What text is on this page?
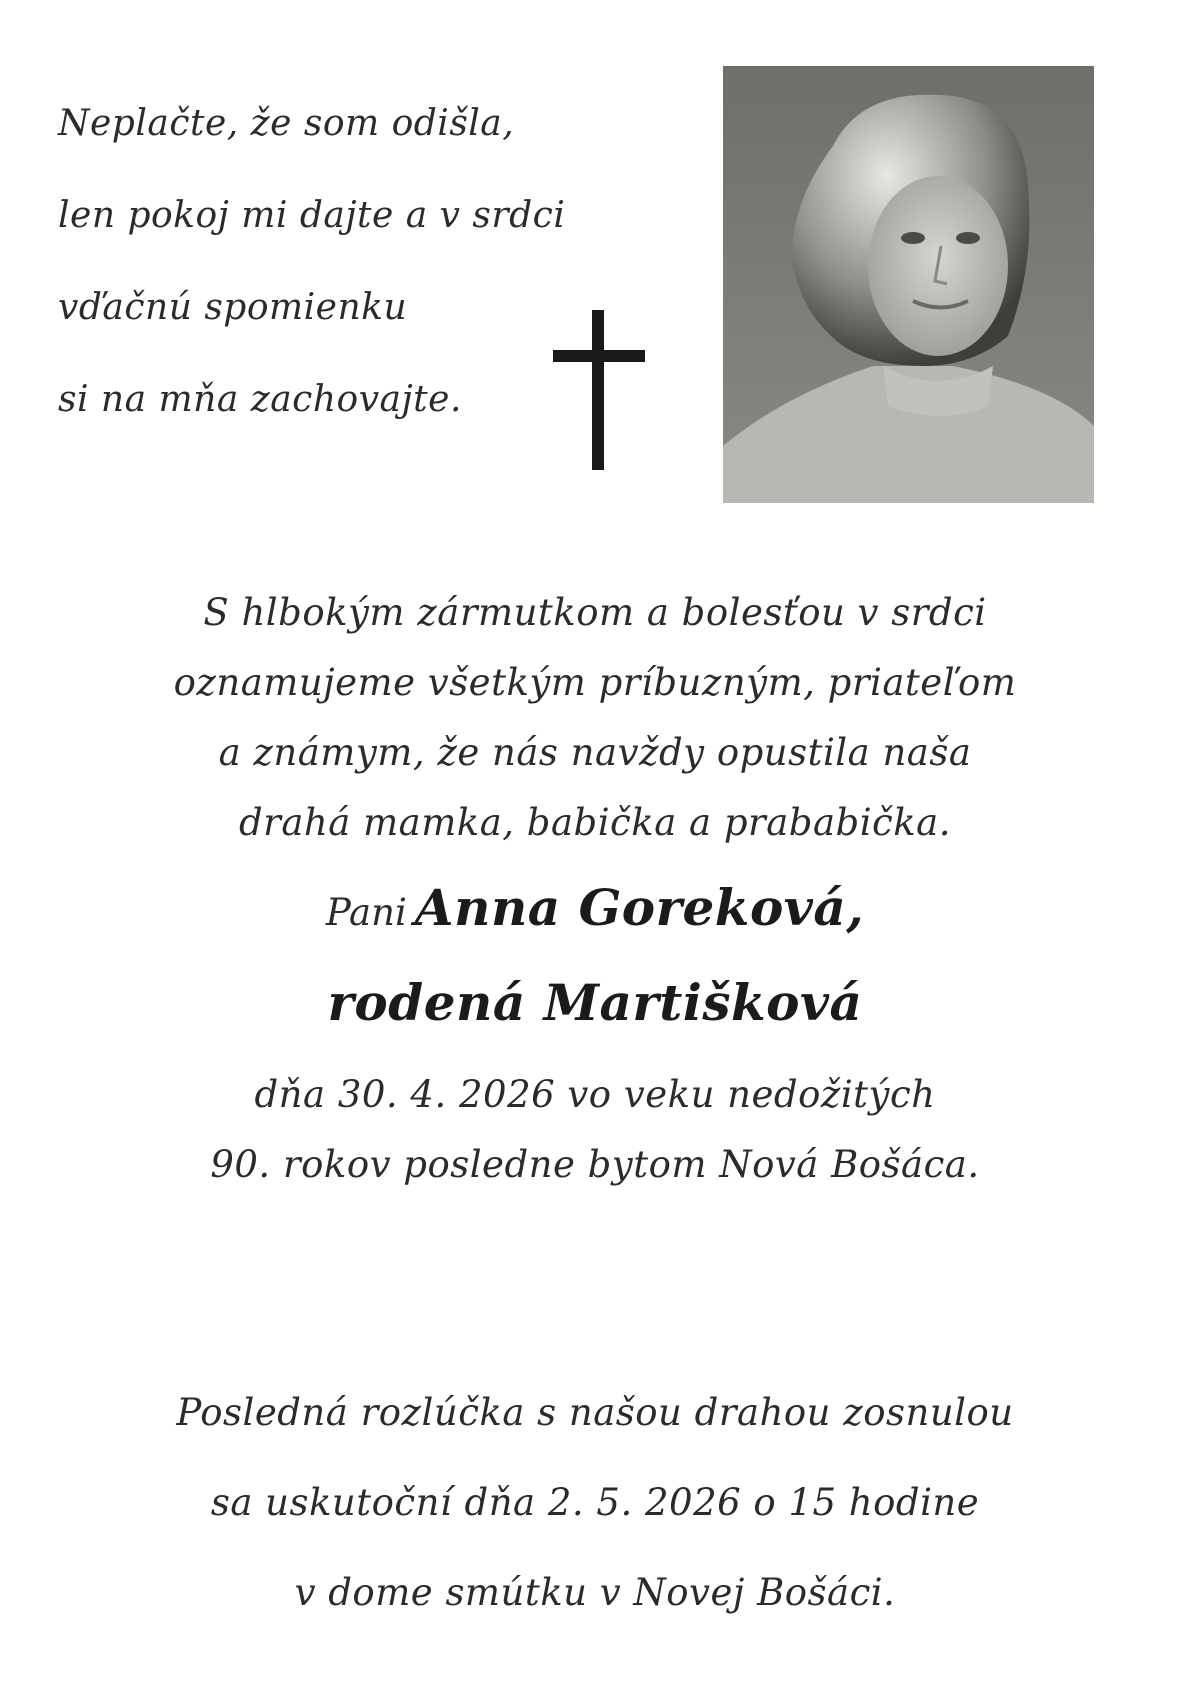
Neplačte, že som odišla,
len pokoj mi dajte a v srdci
vďačnú spomienku
si na mňa zachovajte.
S hlbokým zármutkom a bolesťou v srdci
oznamujeme všetkým príbuzným, priateľom
a známym, že nás navždy opustila naša
drahá mamka, babička a prababička.
Pani Anna Goreková,
rodená Martišková
dňa 30. 4. 2026 vo veku nedožitých
90. rokov posledne bytom Nová Bošáca.
Posledná rozlúčka s našou drahou zosnulou
sa uskutoční dňa 2. 5. 2026 o 15 hodine
v dome smútku v Novej Bošáci.
